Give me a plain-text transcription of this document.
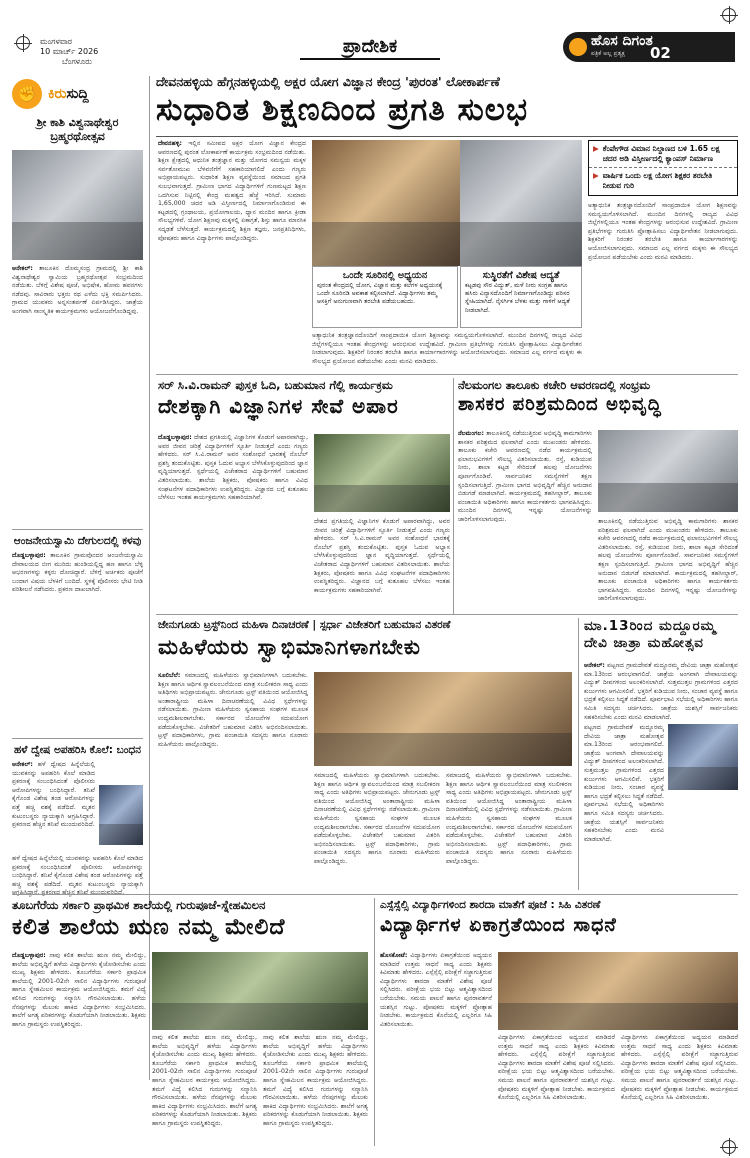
ಮಂಗಳವಾರ
10 ಮಾರ್ಚ್ 2026
ಬೆಂಗಳೂರು
ಪ್ರಾದೇಶಿಕ	ಹೊಸ ದಿಗಂತ
ಪತ್ರಿಕೆ ಅಲ್ಲ ಪ್ರತ್ಯಕ್ಷ	02
✊ ಕಿರುಸುದ್ದಿ
ಶ್ರೀ ಕಾಶಿ ವಿಶ್ವನಾಥೇಶ್ವರ ಬ್ರಹ್ಮರಥೋತ್ಸವ
ಆನೇಕಲ್: ತಾಲೂಕಿನ ದೊಮ್ಮಸಂದ್ರ ಗ್ರಾಮದಲ್ಲಿ ಶ್ರೀ ಕಾಶಿ ವಿಶ್ವನಾಥೇಶ್ವರ ಸ್ವಾಮಿಯ ಬ್ರಹ್ಮರಥೋತ್ಸವ ಸಂಭ್ರಮದಿಂದ ನಡೆಯಿತು. ಬೆಳಿಗ್ಗೆ ವಿಶೇಷ ಪೂಜೆ, ಅಭಿಷೇಕ, ಹೋಮ ಹವನಗಳು ನಡೆದವು. ಸಾವಿರಾರು ಭಕ್ತರು ರಥ ಎಳೆದು ಭಕ್ತಿ ಸಮರ್ಪಿಸಿದರು. ಗ್ರಾಮದ ಯುವಕರು ಅನ್ನಸಂತರ್ಪಣೆ ಏರ್ಪಡಿಸಿದ್ದರು. ಜಾತ್ರೆಯ ಅಂಗವಾಗಿ ಸಾಂಸ್ಕೃತಿಕ ಕಾರ್ಯಕ್ರಮಗಳು ಆಯೋಜನೆಗೊಂಡಿದ್ದವು.
ಆಂಜನೇಯಸ್ವಾಮಿ ದೇಗುಲದಲ್ಲಿ ಕಳವು
ದೊಡ್ಡಬಳ್ಳಾಪುರ: ತಾಲೂಕಿನ ಗ್ರಾಮವೊಂದರ ಆಂಜನೇಯಸ್ವಾಮಿ ದೇವಾಲಯದ ಬೀಗ ಮುರಿದು ಹುಂಡಿಯಲ್ಲಿದ್ದ ಹಣ ಹಾಗೂ ಬೆಳ್ಳಿ ಆಭರಣಗಳನ್ನು ಕಳ್ಳರು ದೋಚಿದ್ದಾರೆ. ಬೆಳಿಗ್ಗೆ ಅರ್ಚಕರು ಪೂಜೆಗೆ ಬಂದಾಗ ವಿಷಯ ಬೆಳಕಿಗೆ ಬಂದಿದೆ. ಸ್ಥಳಕ್ಕೆ ಪೊಲೀಸರು ಭೇಟಿ ನೀಡಿ ಪರಿಶೀಲನೆ ನಡೆಸಿದರು. ಪ್ರಕರಣ ದಾಖಲಾಗಿದೆ.
ಹಳೆ ದ್ವೇಷ ಅಪಹರಿಸಿ ಕೊಲೆ: ಬಂಧನ
ಆನೇಕಲ್: ಹಳೆ ದ್ವೇಷದ ಹಿನ್ನೆಲೆಯಲ್ಲಿ ಯುವಕನನ್ನು ಅಪಹರಿಸಿ ಕೊಲೆ ಮಾಡಿದ ಪ್ರಕರಣಕ್ಕೆ ಸಂಬಂಧಿಸಿದಂತೆ ಪೊಲೀಸರು ಆರೋಪಿಗಳನ್ನು ಬಂಧಿಸಿದ್ದಾರೆ. ತನಿಖೆ ಕೈಗೊಂಡ ವಿಶೇಷ ತಂಡ ಆರೋಪಿಗಳನ್ನು ಪತ್ತೆ ಹಚ್ಚಿ ವಶಕ್ಕೆ ಪಡೆದಿದೆ. ಮೃತನ ಕುಟುಂಬಸ್ಥರು ನ್ಯಾಯಕ್ಕಾಗಿ ಆಗ್ರಹಿಸಿದ್ದಾರೆ. ಪ್ರಕರಣದ ಹೆಚ್ಚಿನ ತನಿಖೆ ಮುಂದುವರಿದಿದೆ.
ಹಳೆ ದ್ವೇಷದ ಹಿನ್ನೆಲೆಯಲ್ಲಿ ಯುವಕನನ್ನು ಅಪಹರಿಸಿ ಕೊಲೆ ಮಾಡಿದ ಪ್ರಕರಣಕ್ಕೆ ಸಂಬಂಧಿಸಿದಂತೆ ಪೊಲೀಸರು ಆರೋಪಿಗಳನ್ನು ಬಂಧಿಸಿದ್ದಾರೆ. ತನಿಖೆ ಕೈಗೊಂಡ ವಿಶೇಷ ತಂಡ ಆರೋಪಿಗಳನ್ನು ಪತ್ತೆ ಹಚ್ಚಿ ವಶಕ್ಕೆ ಪಡೆದಿದೆ. ಮೃತನ ಕುಟುಂಬಸ್ಥರು ನ್ಯಾಯಕ್ಕಾಗಿ ಆಗ್ರಹಿಸಿದ್ದಾರೆ. ಪ್ರಕರಣದ ಹೆಚ್ಚಿನ ತನಿಖೆ ಮುಂದುವರಿದಿದೆ.
ದೇವನಹಳ್ಳಿಯ ಹೆಗ್ಗನಹಳ್ಳಿಯಲ್ಲಿ ಅಕ್ಷರ ಯೋಗ ವಿಜ್ಞಾನ ಕೇಂದ್ರ 'ಪುರಂತ' ಲೋಕಾರ್ಪಣೆ
ಸುಧಾರಿತ ಶಿಕ್ಷಣದಿಂದ ಪ್ರಗತಿ ಸುಲಭ
ದೇವನಹಳ್ಳಿ: ಇಲ್ಲಿನ ಸಮೀಪದ ಅಕ್ಷರ ಯೋಗ ವಿಜ್ಞಾನ ಕೇಂದ್ರದ ಆವರಣದಲ್ಲಿ ಪುರಂತ ಲೋಕಾರ್ಪಣೆ ಕಾರ್ಯಕ್ರಮ ಸಂಭ್ರಮದಿಂದ ನಡೆಯಿತು. ಶಿಕ್ಷಣ ಕ್ಷೇತ್ರದಲ್ಲಿ ಆಧುನಿಕ ತಂತ್ರಜ್ಞಾನ ಮತ್ತು ಯೋಗದ ಸಮನ್ವಯ ಮಕ್ಕಳ ಸರ್ವತೋಮುಖ ಬೆಳವಣಿಗೆಗೆ ಸಹಕಾರಿಯಾಗಲಿದೆ ಎಂದು ಗಣ್ಯರು ಅಭಿಪ್ರಾಯಪಟ್ಟರು. ಸುಧಾರಿತ ಶಿಕ್ಷಣ ವ್ಯವಸ್ಥೆಯಿಂದ ಸಮಾಜದ ಪ್ರಗತಿ ಸುಲಭವಾಗುತ್ತದೆ. ಗ್ರಾಮೀಣ ಭಾಗದ ವಿದ್ಯಾರ್ಥಿಗಳಿಗೆ ಗುಣಮಟ್ಟದ ಶಿಕ್ಷಣ ಒದಗಿಸುವ ನಿಟ್ಟಿನಲ್ಲಿ ಕೇಂದ್ರ ಮಹತ್ವದ ಹೆಜ್ಜೆ ಇರಿಸಿದೆ. ಸುಮಾರು 1,65,000 ಚದರ ಅಡಿ ವಿಸ್ತೀರ್ಣದಲ್ಲಿ ನಿರ್ಮಾಣಗೊಂಡಿರುವ ಈ ಕಟ್ಟಡದಲ್ಲಿ ಗ್ರಂಥಾಲಯ, ಪ್ರಯೋಗಾಲಯ, ಧ್ಯಾನ ಮಂದಿರ ಹಾಗೂ ಕ್ರೀಡಾ ಸೌಲಭ್ಯಗಳಿವೆ. ಯೋಗ ಶಿಕ್ಷಣವು ಮಕ್ಕಳಲ್ಲಿ ಏಕಾಗ್ರತೆ, ಶಿಸ್ತು ಹಾಗೂ ಮಾನಸಿಕ ಸದೃಢತೆ ಬೆಳೆಸುತ್ತದೆ. ಕಾರ್ಯಕ್ರಮದಲ್ಲಿ ಶಿಕ್ಷಣ ತಜ್ಞರು, ಜನಪ್ರತಿನಿಧಿಗಳು, ಪೋಷಕರು ಹಾಗೂ ವಿದ್ಯಾರ್ಥಿಗಳು ಪಾಲ್ಗೊಂಡಿದ್ದರು.
ಒಂದೇ ಸೂರಿನಲ್ಲಿ ಅಧ್ಯಯನ
ಪುರಂತ ಕೇಂದ್ರದಲ್ಲಿ ಯೋಗ, ವಿಜ್ಞಾನ ಮತ್ತು ಕಲೆಗಳ ಅಧ್ಯಯನಕ್ಕೆ ಒಂದೇ ಸೂರಿನಡಿ ಅವಕಾಶ ಕಲ್ಪಿಸಲಾಗಿದೆ. ವಿದ್ಯಾರ್ಥಿಗಳು ತಮ್ಮ ಆಸಕ್ತಿಗೆ ಅನುಗುಣವಾಗಿ ತರಬೇತಿ ಪಡೆಯಬಹುದು.
ಸುಸ್ಥಿರತೆಗೆ ವಿಶೇಷ ಆದ್ಯತೆ
ಕಟ್ಟಡವು ಸೌರ ವಿದ್ಯುತ್, ಮಳೆ ನೀರು ಸಂಗ್ರಹ ಹಾಗೂ ಹಸಿರು ವಿನ್ಯಾಸದೊಂದಿಗೆ ನಿರ್ಮಾಣಗೊಂಡಿದ್ದು ಪರಿಸರ ಸ್ನೇಹಿಯಾಗಿದೆ. ನೈಸರ್ಗಿಕ ಬೆಳಕು ಮತ್ತು ಗಾಳಿಗೆ ಆದ್ಯತೆ ನೀಡಲಾಗಿದೆ.
ಅತ್ಯಾಧುನಿಕ ತಂತ್ರಜ್ಞಾನದೊಂದಿಗೆ ಸಾಂಪ್ರದಾಯಿಕ ಯೋಗ ಶಿಕ್ಷಣವನ್ನು ಸಮನ್ವಯಗೊಳಿಸಲಾಗಿದೆ. ಮುಂದಿನ ದಿನಗಳಲ್ಲಿ ರಾಜ್ಯದ ವಿವಿಧ ಜಿಲ್ಲೆಗಳಲ್ಲಿಯೂ ಇಂತಹ ಕೇಂದ್ರಗಳನ್ನು ಆರಂಭಿಸುವ ಉದ್ದೇಶವಿದೆ. ಗ್ರಾಮೀಣ ಪ್ರತಿಭೆಗಳನ್ನು ಗುರುತಿಸಿ ಪ್ರೋತ್ಸಾಹಿಸಲು ವಿದ್ಯಾರ್ಥಿವೇತನ ನೀಡಲಾಗುವುದು. ಶಿಕ್ಷಕರಿಗೆ ನಿರಂತರ ತರಬೇತಿ ಹಾಗೂ ಕಾರ್ಯಾಗಾರಗಳನ್ನು ಆಯೋಜಿಸಲಾಗುವುದು. ಸಮಾಜದ ಎಲ್ಲ ವರ್ಗದ ಮಕ್ಕಳು ಈ ಸೌಲಭ್ಯದ ಪ್ರಯೋಜನ ಪಡೆಯಬೇಕು ಎಂದು ಮನವಿ ಮಾಡಿದರು.
▶ ಕೆಂಪೇಗೌಡ ವಿಮಾನ ನಿಲ್ದಾಣದ ಬಳಿ 1.65 ಲಕ್ಷ ಚದರ ಅಡಿ ವಿಸ್ತೀರ್ಣದಲ್ಲಿ ಕ್ಯಾಂಪಸ್ ನಿರ್ಮಾಣ
▶ ವಾರ್ಷಿಕ ಒಂದು ಲಕ್ಷ ಯೋಗ ಶಿಕ್ಷಕರ ತರಬೇತಿ ನೀಡುವ ಗುರಿ
ಅತ್ಯಾಧುನಿಕ ತಂತ್ರಜ್ಞಾನದೊಂದಿಗೆ ಸಾಂಪ್ರದಾಯಿಕ ಯೋಗ ಶಿಕ್ಷಣವನ್ನು ಸಮನ್ವಯಗೊಳಿಸಲಾಗಿದೆ. ಮುಂದಿನ ದಿನಗಳಲ್ಲಿ ರಾಜ್ಯದ ವಿವಿಧ ಜಿಲ್ಲೆಗಳಲ್ಲಿಯೂ ಇಂತಹ ಕೇಂದ್ರಗಳನ್ನು ಆರಂಭಿಸುವ ಉದ್ದೇಶವಿದೆ. ಗ್ರಾಮೀಣ ಪ್ರತಿಭೆಗಳನ್ನು ಗುರುತಿಸಿ ಪ್ರೋತ್ಸಾಹಿಸಲು ವಿದ್ಯಾರ್ಥಿವೇತನ ನೀಡಲಾಗುವುದು. ಶಿಕ್ಷಕರಿಗೆ ನಿರಂತರ ತರಬೇತಿ ಹಾಗೂ ಕಾರ್ಯಾಗಾರಗಳನ್ನು ಆಯೋಜಿಸಲಾಗುವುದು. ಸಮಾಜದ ಎಲ್ಲ ವರ್ಗದ ಮಕ್ಕಳು ಈ ಸೌಲಭ್ಯದ ಪ್ರಯೋಜನ ಪಡೆಯಬೇಕು ಎಂದು ಮನವಿ ಮಾಡಿದರು.
ಸರ್ ಸಿ.ವಿ.ರಾಮನ್ ಪುಸ್ತಕ ಓದಿ, ಬಹುಮಾನ ಗೆಲ್ಲಿ ಕಾರ್ಯಕ್ರಮ
ದೇಶಕ್ಕಾಗಿ ವಿಜ್ಞಾನಿಗಳ ಸೇವೆ ಅಪಾರ
ದೊಡ್ಡಬಳ್ಳಾಪುರ: ದೇಶದ ಪ್ರಗತಿಯಲ್ಲಿ ವಿಜ್ಞಾನಿಗಳ ಕೊಡುಗೆ ಅಪಾರವಾಗಿದ್ದು, ಅವರ ಜೀವನ ಚರಿತ್ರೆ ವಿದ್ಯಾರ್ಥಿಗಳಿಗೆ ಸ್ಫೂರ್ತಿ ನೀಡುತ್ತದೆ ಎಂದು ಗಣ್ಯರು ಹೇಳಿದರು. ಸರ್ ಸಿ.ವಿ.ರಾಮನ್ ಅವರ ಸಂಶೋಧನೆ ಭಾರತಕ್ಕೆ ನೊಬೆಲ್ ಪ್ರಶಸ್ತಿ ತಂದುಕೊಟ್ಟಿತು. ಪುಸ್ತಕ ಓದುವ ಅಭ್ಯಾಸ ಬೆಳೆಸಿಕೊಳ್ಳುವುದರಿಂದ ಜ್ಞಾನ ವೃದ್ಧಿಯಾಗುತ್ತದೆ. ಸ್ಪರ್ಧೆಯಲ್ಲಿ ವಿಜೇತರಾದ ವಿದ್ಯಾರ್ಥಿಗಳಿಗೆ ಬಹುಮಾನ ವಿತರಿಸಲಾಯಿತು. ಶಾಲೆಯ ಶಿಕ್ಷಕರು, ಪೋಷಕರು ಹಾಗೂ ವಿವಿಧ ಸಂಘಟನೆಗಳ ಪದಾಧಿಕಾರಿಗಳು ಉಪಸ್ಥಿತರಿದ್ದರು. ವಿಜ್ಞಾನದ ಬಗ್ಗೆ ಕುತೂಹಲ ಬೆಳೆಸಲು ಇಂತಹ ಕಾರ್ಯಕ್ರಮಗಳು ಸಹಕಾರಿಯಾಗಿವೆ.
ದೇಶದ ಪ್ರಗತಿಯಲ್ಲಿ ವಿಜ್ಞಾನಿಗಳ ಕೊಡುಗೆ ಅಪಾರವಾಗಿದ್ದು, ಅವರ ಜೀವನ ಚರಿತ್ರೆ ವಿದ್ಯಾರ್ಥಿಗಳಿಗೆ ಸ್ಫೂರ್ತಿ ನೀಡುತ್ತದೆ ಎಂದು ಗಣ್ಯರು ಹೇಳಿದರು. ಸರ್ ಸಿ.ವಿ.ರಾಮನ್ ಅವರ ಸಂಶೋಧನೆ ಭಾರತಕ್ಕೆ ನೊಬೆಲ್ ಪ್ರಶಸ್ತಿ ತಂದುಕೊಟ್ಟಿತು. ಪುಸ್ತಕ ಓದುವ ಅಭ್ಯಾಸ ಬೆಳೆಸಿಕೊಳ್ಳುವುದರಿಂದ ಜ್ಞಾನ ವೃದ್ಧಿಯಾಗುತ್ತದೆ. ಸ್ಪರ್ಧೆಯಲ್ಲಿ ವಿಜೇತರಾದ ವಿದ್ಯಾರ್ಥಿಗಳಿಗೆ ಬಹುಮಾನ ವಿತರಿಸಲಾಯಿತು. ಶಾಲೆಯ ಶಿಕ್ಷಕರು, ಪೋಷಕರು ಹಾಗೂ ವಿವಿಧ ಸಂಘಟನೆಗಳ ಪದಾಧಿಕಾರಿಗಳು ಉಪಸ್ಥಿತರಿದ್ದರು. ವಿಜ್ಞಾನದ ಬಗ್ಗೆ ಕುತೂಹಲ ಬೆಳೆಸಲು ಇಂತಹ ಕಾರ್ಯಕ್ರಮಗಳು ಸಹಕಾರಿಯಾಗಿವೆ.
ನೆಲಮಂಗಲ ತಾಲೂಕು ಕಚೇರಿ ಆವರಣದಲ್ಲಿ ಸಂಭ್ರಮ
ಶಾಸಕರ ಪರಿಶ್ರಮದಿಂದ ಅಭಿವೃದ್ಧಿ
ನೆಲಮಂಗಲ: ತಾಲೂಕಿನಲ್ಲಿ ನಡೆಯುತ್ತಿರುವ ಅಭಿವೃದ್ಧಿ ಕಾಮಗಾರಿಗಳು ಶಾಸಕರ ಪರಿಶ್ರಮದ ಫಲವಾಗಿದೆ ಎಂದು ಮುಖಂಡರು ಹೇಳಿದರು. ತಾಲೂಕು ಕಚೇರಿ ಆವರಣದಲ್ಲಿ ನಡೆದ ಕಾರ್ಯಕ್ರಮದಲ್ಲಿ ಫಲಾನುಭವಿಗಳಿಗೆ ಸೌಲಭ್ಯ ವಿತರಿಸಲಾಯಿತು. ರಸ್ತೆ, ಕುಡಿಯುವ ನೀರು, ಶಾಲಾ ಕಟ್ಟಡ ಸೇರಿದಂತೆ ಹಲವು ಯೋಜನೆಗಳು ಪೂರ್ಣಗೊಂಡಿವೆ. ಸಾರ್ವಜನಿಕರ ಸಮಸ್ಯೆಗಳಿಗೆ ತಕ್ಷಣ ಸ್ಪಂದಿಸಲಾಗುತ್ತಿದೆ. ಗ್ರಾಮೀಣ ಭಾಗದ ಅಭಿವೃದ್ಧಿಗೆ ಹೆಚ್ಚಿನ ಅನುದಾನ ಬಿಡುಗಡೆ ಮಾಡಲಾಗಿದೆ. ಕಾರ್ಯಕ್ರಮದಲ್ಲಿ ತಹಸೀಲ್ದಾರ್, ತಾಲೂಕು ಪಂಚಾಯಿತಿ ಅಧಿಕಾರಿಗಳು ಹಾಗೂ ಕಾರ್ಯಕರ್ತರು ಭಾಗವಹಿಸಿದ್ದರು. ಮುಂದಿನ ದಿನಗಳಲ್ಲಿ ಇನ್ನಷ್ಟು ಯೋಜನೆಗಳನ್ನು ಜಾರಿಗೊಳಿಸಲಾಗುವುದು.	ತಾಲೂಕಿನಲ್ಲಿ ನಡೆಯುತ್ತಿರುವ ಅಭಿವೃದ್ಧಿ ಕಾಮಗಾರಿಗಳು ಶಾಸಕರ ಪರಿಶ್ರಮದ ಫಲವಾಗಿದೆ ಎಂದು ಮುಖಂಡರು ಹೇಳಿದರು. ತಾಲೂಕು ಕಚೇರಿ ಆವರಣದಲ್ಲಿ ನಡೆದ ಕಾರ್ಯಕ್ರಮದಲ್ಲಿ ಫಲಾನುಭವಿಗಳಿಗೆ ಸೌಲಭ್ಯ ವಿತರಿಸಲಾಯಿತು. ರಸ್ತೆ, ಕುಡಿಯುವ ನೀರು, ಶಾಲಾ ಕಟ್ಟಡ ಸೇರಿದಂತೆ ಹಲವು ಯೋಜನೆಗಳು ಪೂರ್ಣಗೊಂಡಿವೆ. ಸಾರ್ವಜನಿಕರ ಸಮಸ್ಯೆಗಳಿಗೆ ತಕ್ಷಣ ಸ್ಪಂದಿಸಲಾಗುತ್ತಿದೆ. ಗ್ರಾಮೀಣ ಭಾಗದ ಅಭಿವೃದ್ಧಿಗೆ ಹೆಚ್ಚಿನ ಅನುದಾನ ಬಿಡುಗಡೆ ಮಾಡಲಾಗಿದೆ. ಕಾರ್ಯಕ್ರಮದಲ್ಲಿ ತಹಸೀಲ್ದಾರ್, ತಾಲೂಕು ಪಂಚಾಯಿತಿ ಅಧಿಕಾರಿಗಳು ಹಾಗೂ ಕಾರ್ಯಕರ್ತರು ಭಾಗವಹಿಸಿದ್ದರು. ಮುಂದಿನ ದಿನಗಳಲ್ಲಿ ಇನ್ನಷ್ಟು ಯೋಜನೆಗಳನ್ನು ಜಾರಿಗೊಳಿಸಲಾಗುವುದು.
ಜೇನುಗೂಡು ಟ್ರಸ್ಟ್‌ನಿಂದ ಮಹಿಳಾ ದಿನಾಚರಣೆ | ಸ್ಪರ್ಧಾ ವಿಜೇತರಿಗೆ ಬಹುಮಾನ ವಿತರಣೆ
ಮಹಿಳೆಯರು ಸ್ವಾಭಿಮಾನಿಗಳಾಗಬೇಕು
ಸೂಲಿಬೆಲೆ: ಸಮಾಜದಲ್ಲಿ ಮಹಿಳೆಯರು ಸ್ವಾಭಿಮಾನಿಗಳಾಗಿ ಬದುಕಬೇಕು. ಶಿಕ್ಷಣ ಹಾಗೂ ಆರ್ಥಿಕ ಸ್ವಾವಲಂಬನೆಯಿಂದ ಮಾತ್ರ ಸಬಲೀಕರಣ ಸಾಧ್ಯ ಎಂದು ಅತಿಥಿಗಳು ಅಭಿಪ್ರಾಯಪಟ್ಟರು. ಜೇನುಗೂಡು ಟ್ರಸ್ಟ್ ವತಿಯಿಂದ ಆಯೋಜಿಸಿದ್ದ ಅಂತಾರಾಷ್ಟ್ರೀಯ ಮಹಿಳಾ ದಿನಾಚರಣೆಯಲ್ಲಿ ವಿವಿಧ ಸ್ಪರ್ಧೆಗಳನ್ನು ನಡೆಸಲಾಯಿತು. ಗ್ರಾಮೀಣ ಮಹಿಳೆಯರು ಸ್ವಸಹಾಯ ಸಂಘಗಳ ಮೂಲಕ ಉದ್ಯಮಶೀಲರಾಗಬೇಕು. ಸರ್ಕಾರದ ಯೋಜನೆಗಳ ಸದುಪಯೋಗ ಪಡೆದುಕೊಳ್ಳಬೇಕು. ವಿಜೇತರಿಗೆ ಬಹುಮಾನ ವಿತರಿಸಿ ಅಭಿನಂದಿಸಲಾಯಿತು. ಟ್ರಸ್ಟ್ ಪದಾಧಿಕಾರಿಗಳು, ಗ್ರಾಮ ಪಂಚಾಯಿತಿ ಸದಸ್ಯರು ಹಾಗೂ ನೂರಾರು ಮಹಿಳೆಯರು ಪಾಲ್ಗೊಂಡಿದ್ದರು.
ಸಮಾಜದಲ್ಲಿ ಮಹಿಳೆಯರು ಸ್ವಾಭಿಮಾನಿಗಳಾಗಿ ಬದುಕಬೇಕು. ಶಿಕ್ಷಣ ಹಾಗೂ ಆರ್ಥಿಕ ಸ್ವಾವಲಂಬನೆಯಿಂದ ಮಾತ್ರ ಸಬಲೀಕರಣ ಸಾಧ್ಯ ಎಂದು ಅತಿಥಿಗಳು ಅಭಿಪ್ರಾಯಪಟ್ಟರು. ಜೇನುಗೂಡು ಟ್ರಸ್ಟ್ ವತಿಯಿಂದ ಆಯೋಜಿಸಿದ್ದ ಅಂತಾರಾಷ್ಟ್ರೀಯ ಮಹಿಳಾ ದಿನಾಚರಣೆಯಲ್ಲಿ ವಿವಿಧ ಸ್ಪರ್ಧೆಗಳನ್ನು ನಡೆಸಲಾಯಿತು. ಗ್ರಾಮೀಣ ಮಹಿಳೆಯರು ಸ್ವಸಹಾಯ ಸಂಘಗಳ ಮೂಲಕ ಉದ್ಯಮಶೀಲರಾಗಬೇಕು. ಸರ್ಕಾರದ ಯೋಜನೆಗಳ ಸದುಪಯೋಗ ಪಡೆದುಕೊಳ್ಳಬೇಕು. ವಿಜೇತರಿಗೆ ಬಹುಮಾನ ವಿತರಿಸಿ ಅಭಿನಂದಿಸಲಾಯಿತು. ಟ್ರಸ್ಟ್ ಪದಾಧಿಕಾರಿಗಳು, ಗ್ರಾಮ ಪಂಚಾಯಿತಿ ಸದಸ್ಯರು ಹಾಗೂ ನೂರಾರು ಮಹಿಳೆಯರು ಪಾಲ್ಗೊಂಡಿದ್ದರು.
ಸಮಾಜದಲ್ಲಿ ಮಹಿಳೆಯರು ಸ್ವಾಭಿಮಾನಿಗಳಾಗಿ ಬದುಕಬೇಕು. ಶಿಕ್ಷಣ ಹಾಗೂ ಆರ್ಥಿಕ ಸ್ವಾವಲಂಬನೆಯಿಂದ ಮಾತ್ರ ಸಬಲೀಕರಣ ಸಾಧ್ಯ ಎಂದು ಅತಿಥಿಗಳು ಅಭಿಪ್ರಾಯಪಟ್ಟರು. ಜೇನುಗೂಡು ಟ್ರಸ್ಟ್ ವತಿಯಿಂದ ಆಯೋಜಿಸಿದ್ದ ಅಂತಾರಾಷ್ಟ್ರೀಯ ಮಹಿಳಾ ದಿನಾಚರಣೆಯಲ್ಲಿ ವಿವಿಧ ಸ್ಪರ್ಧೆಗಳನ್ನು ನಡೆಸಲಾಯಿತು. ಗ್ರಾಮೀಣ ಮಹಿಳೆಯರು ಸ್ವಸಹಾಯ ಸಂಘಗಳ ಮೂಲಕ ಉದ್ಯಮಶೀಲರಾಗಬೇಕು. ಸರ್ಕಾರದ ಯೋಜನೆಗಳ ಸದುಪಯೋಗ ಪಡೆದುಕೊಳ್ಳಬೇಕು. ವಿಜೇತರಿಗೆ ಬಹುಮಾನ ವಿತರಿಸಿ ಅಭಿನಂದಿಸಲಾಯಿತು. ಟ್ರಸ್ಟ್ ಪದಾಧಿಕಾರಿಗಳು, ಗ್ರಾಮ ಪಂಚಾಯಿತಿ ಸದಸ್ಯರು ಹಾಗೂ ನೂರಾರು ಮಹಿಳೆಯರು ಪಾಲ್ಗೊಂಡಿದ್ದರು.
ಮಾ.13ರಿಂದ ಮದ್ದೂರಮ್ಮ ದೇವಿ ಜಾತ್ರಾ ಮಹೋತ್ಸವ
ಆನೇಕಲ್: ಪಟ್ಟಣದ ಗ್ರಾಮದೇವತೆ ಮದ್ದೂರಮ್ಮ ದೇವಿಯ ಜಾತ್ರಾ ಮಹೋತ್ಸವ ಮಾ.13ರಿಂದ ಆರಂಭವಾಗಲಿದೆ. ಜಾತ್ರೆಯ ಅಂಗವಾಗಿ ದೇವಾಲಯವನ್ನು ವಿದ್ಯುತ್ ದೀಪಗಳಿಂದ ಅಲಂಕರಿಸಲಾಗಿದೆ. ಸುತ್ತಮುತ್ತಲ ಗ್ರಾಮಗಳಿಂದ ಎತ್ತರದ ಕುರ್ಜುಗಳು ಆಗಮಿಸಲಿವೆ. ಭಕ್ತರಿಗೆ ಕುಡಿಯುವ ನೀರು, ಸಂಚಾರ ವ್ಯವಸ್ಥೆ ಹಾಗೂ ಭದ್ರತೆ ಕಲ್ಪಿಸಲು ಸಿದ್ಧತೆ ನಡೆದಿದೆ. ಪೂರ್ವಭಾವಿ ಸಭೆಯಲ್ಲಿ ಅಧಿಕಾರಿಗಳು ಹಾಗೂ ಸಮಿತಿ ಸದಸ್ಯರು ಚರ್ಚಿಸಿದರು. ಜಾತ್ರೆಯ ಯಶಸ್ಸಿಗೆ ಸಾರ್ವಜನಿಕರು ಸಹಕರಿಸಬೇಕು ಎಂದು ಮನವಿ ಮಾಡಲಾಗಿದೆ.
ಪಟ್ಟಣದ ಗ್ರಾಮದೇವತೆ ಮದ್ದೂರಮ್ಮ ದೇವಿಯ ಜಾತ್ರಾ ಮಹೋತ್ಸವ ಮಾ.13ರಿಂದ ಆರಂಭವಾಗಲಿದೆ. ಜಾತ್ರೆಯ ಅಂಗವಾಗಿ ದೇವಾಲಯವನ್ನು ವಿದ್ಯುತ್ ದೀಪಗಳಿಂದ ಅಲಂಕರಿಸಲಾಗಿದೆ. ಸುತ್ತಮುತ್ತಲ ಗ್ರಾಮಗಳಿಂದ ಎತ್ತರದ ಕುರ್ಜುಗಳು ಆಗಮಿಸಲಿವೆ. ಭಕ್ತರಿಗೆ ಕುಡಿಯುವ ನೀರು, ಸಂಚಾರ ವ್ಯವಸ್ಥೆ ಹಾಗೂ ಭದ್ರತೆ ಕಲ್ಪಿಸಲು ಸಿದ್ಧತೆ ನಡೆದಿದೆ. ಪೂರ್ವಭಾವಿ ಸಭೆಯಲ್ಲಿ ಅಧಿಕಾರಿಗಳು ಹಾಗೂ ಸಮಿತಿ ಸದಸ್ಯರು ಚರ್ಚಿಸಿದರು. ಜಾತ್ರೆಯ ಯಶಸ್ಸಿಗೆ ಸಾರ್ವಜನಿಕರು ಸಹಕರಿಸಬೇಕು ಎಂದು ಮನವಿ ಮಾಡಲಾಗಿದೆ.
ತೂಬಗೆರೆಯ ಸರ್ಕಾರಿ ಪ್ರಾಥಮಿಕ ಶಾಲೆಯಲ್ಲಿ ಗುರುಪೂಜೆ-ಸ್ನೇಹಮಿಲನ
ಕಲಿತ ಶಾಲೆಯ ಋಣ ನಮ್ಮ ಮೇಲಿದೆ
ದೊಡ್ಡಬಳ್ಳಾಪುರ: ನಾವು ಕಲಿತ ಶಾಲೆಯ ಋಣ ನಮ್ಮ ಮೇಲಿದ್ದು, ಶಾಲೆಯ ಅಭಿವೃದ್ಧಿಗೆ ಹಳೆಯ ವಿದ್ಯಾರ್ಥಿಗಳು ಕೈಜೋಡಿಸಬೇಕು ಎಂದು ಮುಖ್ಯ ಶಿಕ್ಷಕರು ಹೇಳಿದರು. ತೂಬಗೆರೆಯ ಸರ್ಕಾರಿ ಪ್ರಾಥಮಿಕ ಶಾಲೆಯಲ್ಲಿ 2001-02ನೇ ಸಾಲಿನ ವಿದ್ಯಾರ್ಥಿಗಳು ಗುರುಪೂಜೆ ಹಾಗೂ ಸ್ನೇಹಮಿಲನ ಕಾರ್ಯಕ್ರಮ ಆಯೋಜಿಸಿದ್ದರು. ತಮಗೆ ವಿದ್ಯೆ ಕಲಿಸಿದ ಗುರುಗಳನ್ನು ಸನ್ಮಾನಿಸಿ ಗೌರವಿಸಲಾಯಿತು. ಹಳೆಯ ನೆನಪುಗಳನ್ನು ಮೆಲುಕು ಹಾಕಿದ ವಿದ್ಯಾರ್ಥಿಗಳು ಸಂಭ್ರಮಿಸಿದರು. ಶಾಲೆಗೆ ಅಗತ್ಯ ಪರಿಕರಗಳನ್ನು ಕೊಡುಗೆಯಾಗಿ ನೀಡಲಾಯಿತು. ಶಿಕ್ಷಕರು ಹಾಗೂ ಗ್ರಾಮಸ್ಥರು ಉಪಸ್ಥಿತರಿದ್ದರು.
ನಾವು ಕಲಿತ ಶಾಲೆಯ ಋಣ ನಮ್ಮ ಮೇಲಿದ್ದು, ಶಾಲೆಯ ಅಭಿವೃದ್ಧಿಗೆ ಹಳೆಯ ವಿದ್ಯಾರ್ಥಿಗಳು ಕೈಜೋಡಿಸಬೇಕು ಎಂದು ಮುಖ್ಯ ಶಿಕ್ಷಕರು ಹೇಳಿದರು. ತೂಬಗೆರೆಯ ಸರ್ಕಾರಿ ಪ್ರಾಥಮಿಕ ಶಾಲೆಯಲ್ಲಿ 2001-02ನೇ ಸಾಲಿನ ವಿದ್ಯಾರ್ಥಿಗಳು ಗುರುಪೂಜೆ ಹಾಗೂ ಸ್ನೇಹಮಿಲನ ಕಾರ್ಯಕ್ರಮ ಆಯೋಜಿಸಿದ್ದರು. ತಮಗೆ ವಿದ್ಯೆ ಕಲಿಸಿದ ಗುರುಗಳನ್ನು ಸನ್ಮಾನಿಸಿ ಗೌರವಿಸಲಾಯಿತು. ಹಳೆಯ ನೆನಪುಗಳನ್ನು ಮೆಲುಕು ಹಾಕಿದ ವಿದ್ಯಾರ್ಥಿಗಳು ಸಂಭ್ರಮಿಸಿದರು. ಶಾಲೆಗೆ ಅಗತ್ಯ ಪರಿಕರಗಳನ್ನು ಕೊಡುಗೆಯಾಗಿ ನೀಡಲಾಯಿತು. ಶಿಕ್ಷಕರು ಹಾಗೂ ಗ್ರಾಮಸ್ಥರು ಉಪಸ್ಥಿತರಿದ್ದರು.
ನಾವು ಕಲಿತ ಶಾಲೆಯ ಋಣ ನಮ್ಮ ಮೇಲಿದ್ದು, ಶಾಲೆಯ ಅಭಿವೃದ್ಧಿಗೆ ಹಳೆಯ ವಿದ್ಯಾರ್ಥಿಗಳು ಕೈಜೋಡಿಸಬೇಕು ಎಂದು ಮುಖ್ಯ ಶಿಕ್ಷಕರು ಹೇಳಿದರು. ತೂಬಗೆರೆಯ ಸರ್ಕಾರಿ ಪ್ರಾಥಮಿಕ ಶಾಲೆಯಲ್ಲಿ 2001-02ನೇ ಸಾಲಿನ ವಿದ್ಯಾರ್ಥಿಗಳು ಗುರುಪೂಜೆ ಹಾಗೂ ಸ್ನೇಹಮಿಲನ ಕಾರ್ಯಕ್ರಮ ಆಯೋಜಿಸಿದ್ದರು. ತಮಗೆ ವಿದ್ಯೆ ಕಲಿಸಿದ ಗುರುಗಳನ್ನು ಸನ್ಮಾನಿಸಿ ಗೌರವಿಸಲಾಯಿತು. ಹಳೆಯ ನೆನಪುಗಳನ್ನು ಮೆಲುಕು ಹಾಕಿದ ವಿದ್ಯಾರ್ಥಿಗಳು ಸಂಭ್ರಮಿಸಿದರು. ಶಾಲೆಗೆ ಅಗತ್ಯ ಪರಿಕರಗಳನ್ನು ಕೊಡುಗೆಯಾಗಿ ನೀಡಲಾಯಿತು. ಶಿಕ್ಷಕರು ಹಾಗೂ ಗ್ರಾಮಸ್ಥರು ಉಪಸ್ಥಿತರಿದ್ದರು.
ಎಸ್ಸೆಸ್ಸೆಲ್ಸಿ ವಿದ್ಯಾರ್ಥಿಗಳಿಂದ ಶಾರದಾ ಮಾತೆಗೆ ಪೂಜೆ : ಸಿಹಿ ವಿತರಣೆ
ವಿದ್ಯಾರ್ಥಿಗಳ ಏಕಾಗ್ರತೆಯಿಂದ ಸಾಧನೆ
ಹೊಸಕೋಟೆ: ವಿದ್ಯಾರ್ಥಿಗಳು ಏಕಾಗ್ರತೆಯಿಂದ ಅಧ್ಯಯನ ಮಾಡಿದರೆ ಉತ್ತಮ ಸಾಧನೆ ಸಾಧ್ಯ ಎಂದು ಶಿಕ್ಷಕರು ಕಿವಿಮಾತು ಹೇಳಿದರು. ಎಸ್ಸೆಸ್ಸೆಲ್ಸಿ ಪರೀಕ್ಷೆಗೆ ಸಜ್ಜಾಗುತ್ತಿರುವ ವಿದ್ಯಾರ್ಥಿಗಳು ಶಾರದಾ ಮಾತೆಗೆ ವಿಶೇಷ ಪೂಜೆ ಸಲ್ಲಿಸಿದರು. ಪರೀಕ್ಷೆಯ ಭಯ ಬಿಟ್ಟು ಆತ್ಮವಿಶ್ವಾಸದಿಂದ ಬರೆಯಬೇಕು. ಸಮಯ ಪಾಲನೆ ಹಾಗೂ ಪುನರಾವರ್ತನೆ ಯಶಸ್ಸಿನ ಗುಟ್ಟು. ಪೋಷಕರು ಮಕ್ಕಳಿಗೆ ಪ್ರೋತ್ಸಾಹ ನೀಡಬೇಕು. ಕಾರ್ಯಕ್ರಮದ ಕೊನೆಯಲ್ಲಿ ಎಲ್ಲರಿಗೂ ಸಿಹಿ ವಿತರಿಸಲಾಯಿತು.
ವಿದ್ಯಾರ್ಥಿಗಳು ಏಕಾಗ್ರತೆಯಿಂದ ಅಧ್ಯಯನ ಮಾಡಿದರೆ ಉತ್ತಮ ಸಾಧನೆ ಸಾಧ್ಯ ಎಂದು ಶಿಕ್ಷಕರು ಕಿವಿಮಾತು ಹೇಳಿದರು. ಎಸ್ಸೆಸ್ಸೆಲ್ಸಿ ಪರೀಕ್ಷೆಗೆ ಸಜ್ಜಾಗುತ್ತಿರುವ ವಿದ್ಯಾರ್ಥಿಗಳು ಶಾರದಾ ಮಾತೆಗೆ ವಿಶೇಷ ಪೂಜೆ ಸಲ್ಲಿಸಿದರು. ಪರೀಕ್ಷೆಯ ಭಯ ಬಿಟ್ಟು ಆತ್ಮವಿಶ್ವಾಸದಿಂದ ಬರೆಯಬೇಕು. ಸಮಯ ಪಾಲನೆ ಹಾಗೂ ಪುನರಾವರ್ತನೆ ಯಶಸ್ಸಿನ ಗುಟ್ಟು. ಪೋಷಕರು ಮಕ್ಕಳಿಗೆ ಪ್ರೋತ್ಸಾಹ ನೀಡಬೇಕು. ಕಾರ್ಯಕ್ರಮದ ಕೊನೆಯಲ್ಲಿ ಎಲ್ಲರಿಗೂ ಸಿಹಿ ವಿತರಿಸಲಾಯಿತು.
ವಿದ್ಯಾರ್ಥಿಗಳು ಏಕಾಗ್ರತೆಯಿಂದ ಅಧ್ಯಯನ ಮಾಡಿದರೆ ಉತ್ತಮ ಸಾಧನೆ ಸಾಧ್ಯ ಎಂದು ಶಿಕ್ಷಕರು ಕಿವಿಮಾತು ಹೇಳಿದರು. ಎಸ್ಸೆಸ್ಸೆಲ್ಸಿ ಪರೀಕ್ಷೆಗೆ ಸಜ್ಜಾಗುತ್ತಿರುವ ವಿದ್ಯಾರ್ಥಿಗಳು ಶಾರದಾ ಮಾತೆಗೆ ವಿಶೇಷ ಪೂಜೆ ಸಲ್ಲಿಸಿದರು. ಪರೀಕ್ಷೆಯ ಭಯ ಬಿಟ್ಟು ಆತ್ಮವಿಶ್ವಾಸದಿಂದ ಬರೆಯಬೇಕು. ಸಮಯ ಪಾಲನೆ ಹಾಗೂ ಪುನರಾವರ್ತನೆ ಯಶಸ್ಸಿನ ಗುಟ್ಟು. ಪೋಷಕರು ಮಕ್ಕಳಿಗೆ ಪ್ರೋತ್ಸಾಹ ನೀಡಬೇಕು. ಕಾರ್ಯಕ್ರಮದ ಕೊನೆಯಲ್ಲಿ ಎಲ್ಲರಿಗೂ ಸಿಹಿ ವಿತರಿಸಲಾಯಿತು.
